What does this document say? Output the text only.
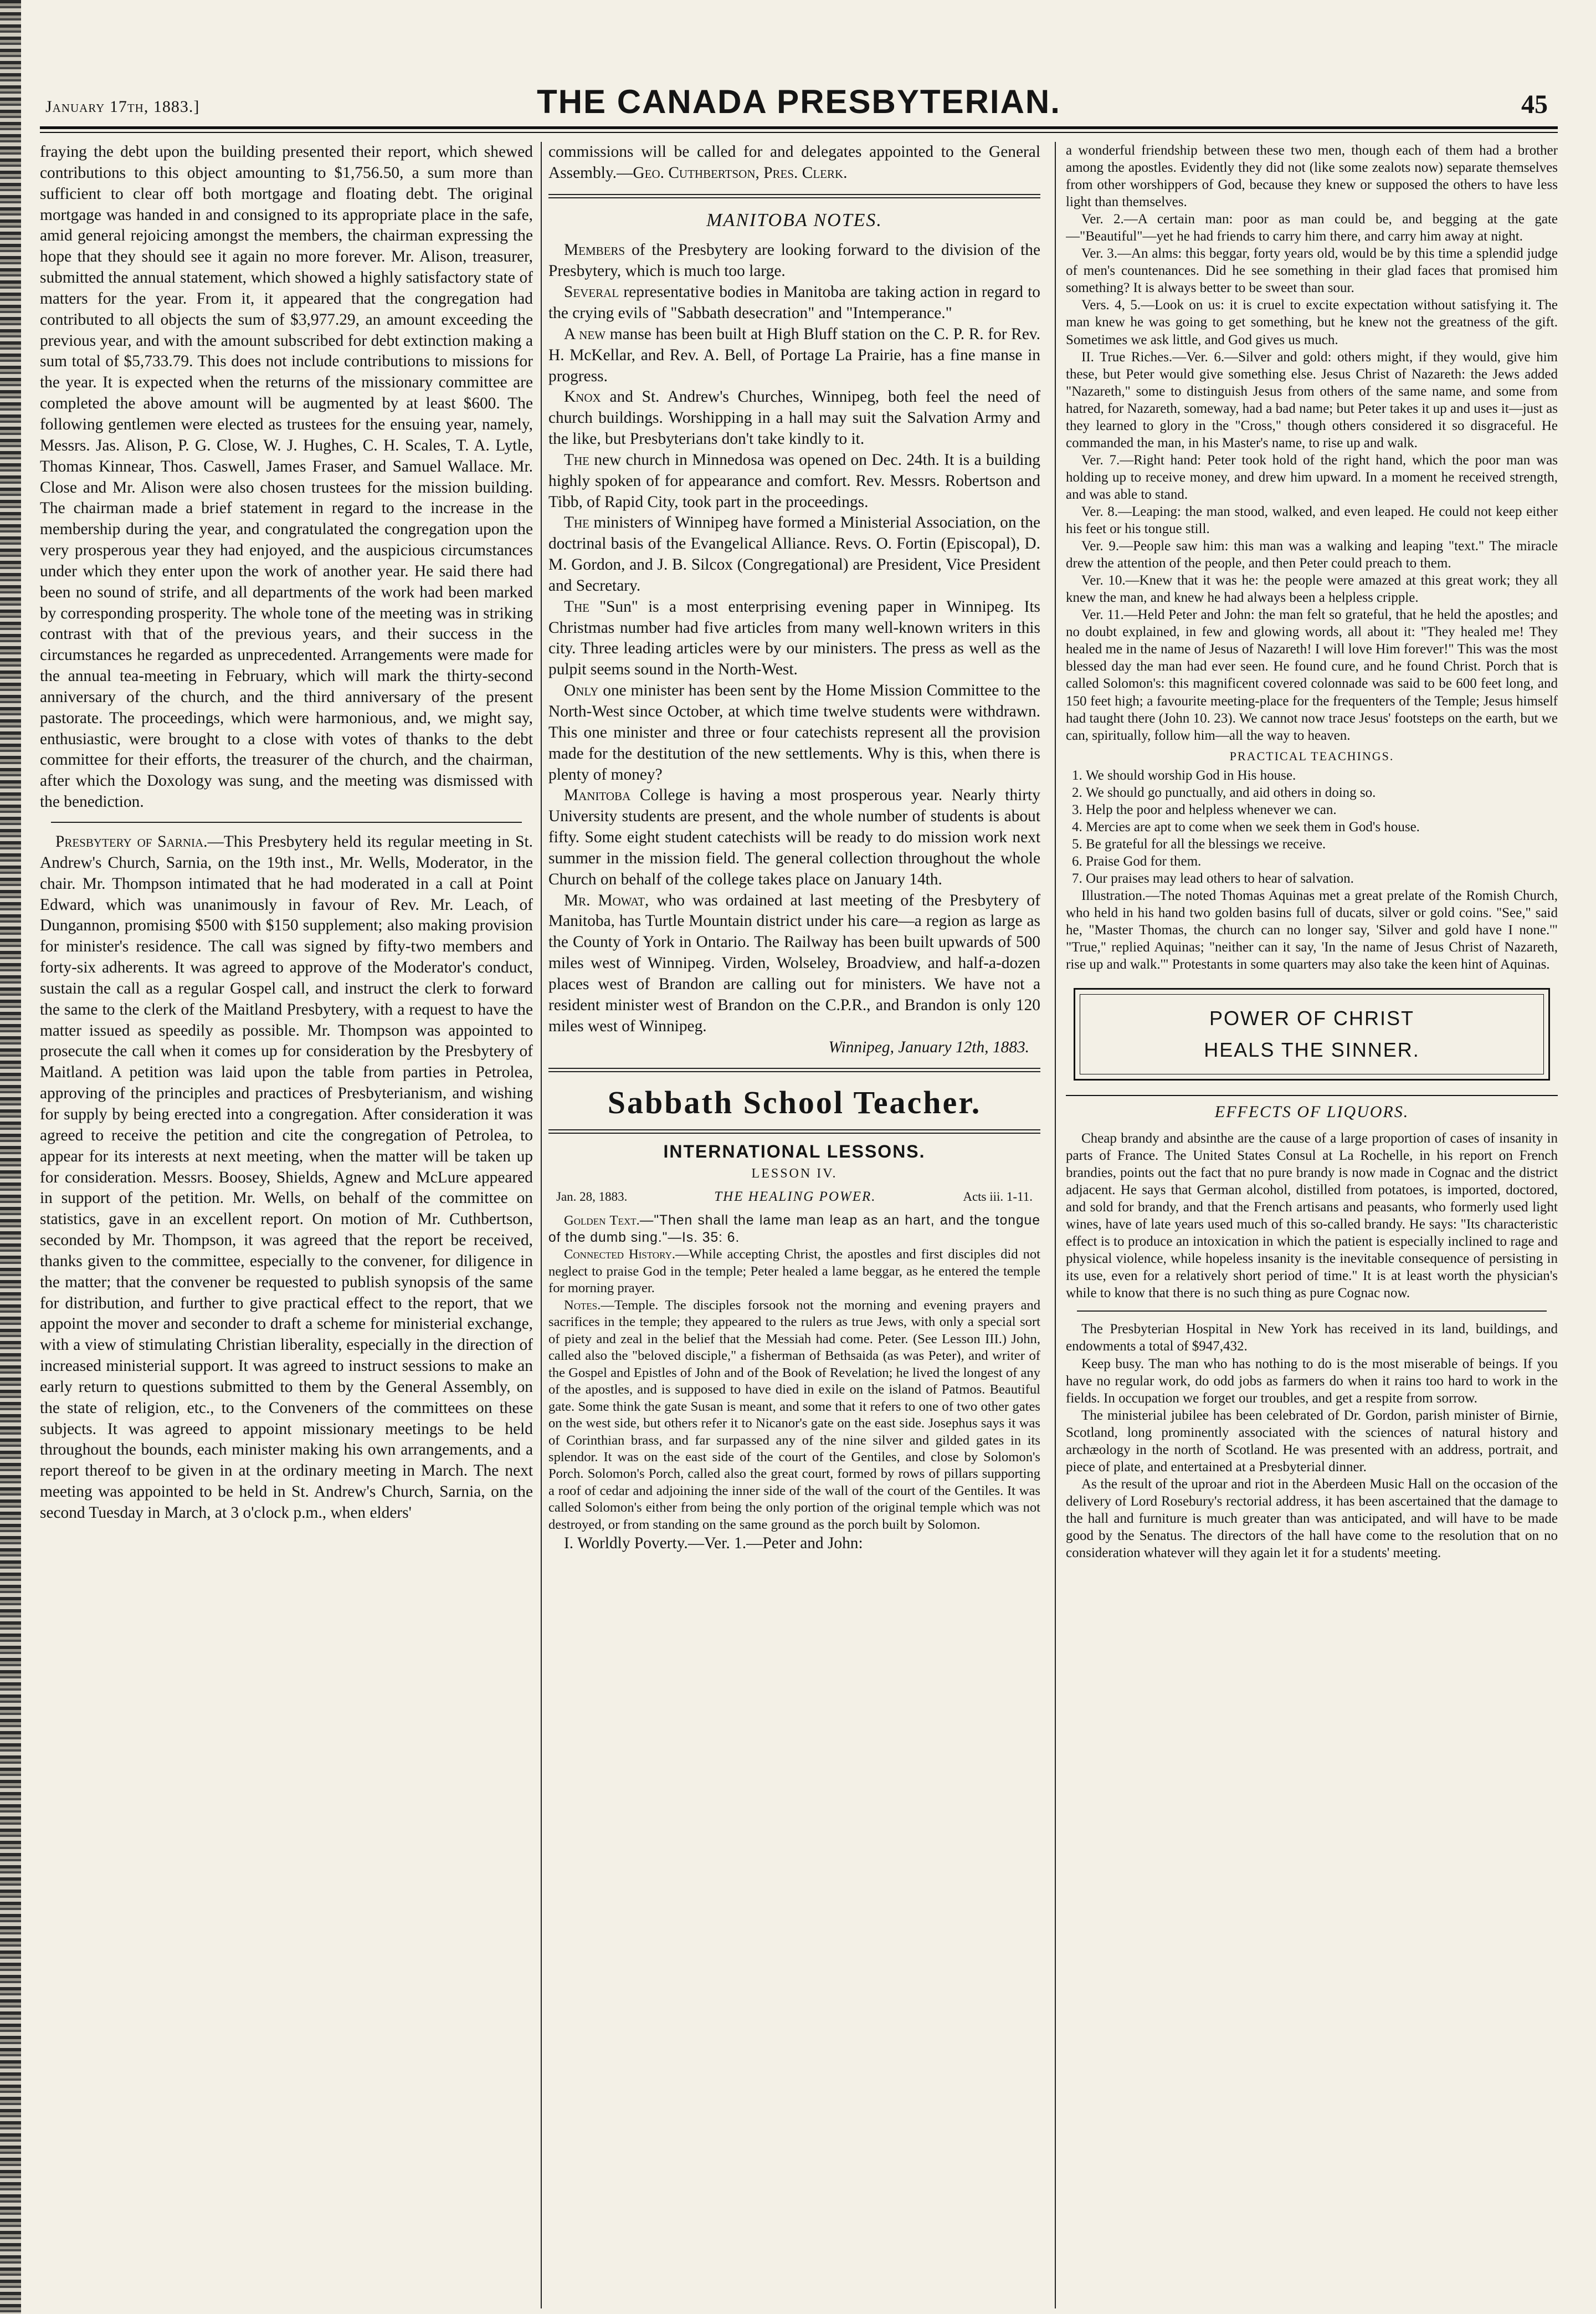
January 17th, 1883.]	THE CANADA PRESBYTERIAN.	45

fraying the debt upon the building presented their report, which shewed contributions to this object amounting to $1,756.50, a sum more than sufficient to clear off both mortgage and floating debt. The original mortgage was handed in and consigned to its appropriate place in the safe, amid general rejoicing amongst the members, the chairman expressing the hope that they should see it again no more forever. Mr. Alison, treasurer, submitted the annual statement, which showed a highly satisfactory state of matters for the year. From it, it appeared that the congregation had contributed to all objects the sum of $3,977.29, an amount exceeding the previous year, and with the amount subscribed for debt extinction making a sum total of $5,733.79. This does not include contributions to missions for the year. It is expected when the returns of the missionary committee are completed the above amount will be augmented by at least $600. The following gentlemen were elected as trustees for the ensuing year, namely, Messrs. Jas. Alison, P. G. Close, W. J. Hughes, C. H. Scales, T. A. Lytle, Thomas Kinnear, Thos. Caswell, James Fraser, and Samuel Wallace. Mr. Close and Mr. Alison were also chosen trustees for the mission building. The chairman made a brief statement in regard to the increase in the membership during the year, and congratulated the congregation upon the very prosperous year they had enjoyed, and the auspicious circumstances under which they enter upon the work of another year. He said there had been no sound of strife, and all departments of the work had been marked by corresponding prosperity. The whole tone of the meeting was in striking contrast with that of the previous years, and their success in the circumstances he regarded as unprecedented. Arrangements were made for the annual tea-meeting in February, which will mark the thirty-second anniversary of the church, and the third anniversary of the present pastorate. The proceedings, which were harmonious, and, we might say, enthusiastic, were brought to a close with votes of thanks to the debt committee for their efforts, the treasurer of the church, and the chairman, after which the Doxology was sung, and the meeting was dismissed with the benediction.

Presbytery of Sarnia.—This Presbytery held its regular meeting in St. Andrew's Church, Sarnia, on the 19th inst., Mr. Wells, Moderator, in the chair. Mr. Thompson intimated that he had moderated in a call at Point Edward, which was unanimously in favour of Rev. Mr. Leach, of Dungannon, promising $500 with $150 supplement; also making provision for minister's residence. The call was signed by fifty-two members and forty-six adherents. It was agreed to approve of the Moderator's conduct, sustain the call as a regular Gospel call, and instruct the clerk to forward the same to the clerk of the Maitland Presbytery, with a request to have the matter issued as speedily as possible. Mr. Thompson was appointed to prosecute the call when it comes up for consideration by the Presbytery of Maitland. A petition was laid upon the table from parties in Petrolea, approving of the principles and practices of Presbyterianism, and wishing for supply by being erected into a congregation. After consideration it was agreed to receive the petition and cite the congregation of Petrolea, to appear for its interests at next meeting, when the matter will be taken up for consideration. Messrs. Boosey, Shields, Agnew and McLure appeared in support of the petition. Mr. Wells, on behalf of the committee on statistics, gave in an excellent report. On motion of Mr. Cuthbertson, seconded by Mr. Thompson, it was agreed that the report be received, thanks given to the committee, especially to the convener, for diligence in the matter; that the convener be requested to publish synopsis of the same for distribution, and further to give practical effect to the report, that we appoint the mover and seconder to draft a scheme for ministerial exchange, with a view of stimulating Christian liberality, especially in the direction of increased ministerial support. It was agreed to instruct sessions to make an early return to questions submitted to them by the General Assembly, on the state of religion, etc., to the Conveners of the committees on these subjects. It was agreed to appoint missionary meetings to be held throughout the bounds, each minister making his own arrangements, and a report thereof to be given in at the ordinary meeting in March. The next meeting was appointed to be held in St. Andrew's Church, Sarnia, on the second Tuesday in March, at 3 o'clock p.m., when elders'

commissions will be called for and delegates appointed to the General Assembly.—Geo. Cuthbertson, Pres. Clerk.

MANITOBA NOTES.

Members of the Presbytery are looking forward to the division of the Presbytery, which is much too large.

Several representative bodies in Manitoba are taking action in regard to the crying evils of "Sabbath desecration" and "Intemperance."

A new manse has been built at High Bluff station on the C. P. R. for Rev. H. McKellar, and Rev. A. Bell, of Portage La Prairie, has a fine manse in progress.

Knox and St. Andrew's Churches, Winnipeg, both feel the need of church buildings. Worshipping in a hall may suit the Salvation Army and the like, but Presbyterians don't take kindly to it.

The new church in Minnedosa was opened on Dec. 24th. It is a building highly spoken of for appearance and comfort. Rev. Messrs. Robertson and Tibb, of Rapid City, took part in the proceedings.

The ministers of Winnipeg have formed a Ministerial Association, on the doctrinal basis of the Evangelical Alliance. Revs. O. Fortin (Episcopal), D. M. Gordon, and J. B. Silcox (Congregational) are President, Vice President and Secretary.

The "Sun" is a most enterprising evening paper in Winnipeg. Its Christmas number had five articles from many well-known writers in this city. Three leading articles were by our ministers. The press as well as the pulpit seems sound in the North-West.

Only one minister has been sent by the Home Mission Committee to the North-West since October, at which time twelve students were withdrawn. This one minister and three or four catechists represent all the provision made for the destitution of the new settlements. Why is this, when there is plenty of money?

Manitoba College is having a most prosperous year. Nearly thirty University students are present, and the whole number of students is about fifty. Some eight student catechists will be ready to do mission work next summer in the mission field. The general collection throughout the whole Church on behalf of the college takes place on January 14th.

Mr. Mowat, who was ordained at last meeting of the Presbytery of Manitoba, has Turtle Mountain district under his care—a region as large as the County of York in Ontario. The Railway has been built upwards of 500 miles west of Winnipeg. Virden, Wolseley, Broadview, and half-a-dozen places west of Brandon are calling out for ministers. We have not a resident minister west of Brandon on the C.P.R., and Brandon is only 120 miles west of Winnipeg.

Winnipeg, January 12th, 1883.

Sabbath School Teacher.
INTERNATIONAL LESSONS.
LESSON IV.
Jan. 28, 1883.	THE HEALING POWER.	Acts iii. 1-11.

Golden Text.—"Then shall the lame man leap as an hart, and the tongue of the dumb sing."—Is. 35: 6.

Connected History.—While accepting Christ, the apostles and first disciples did not neglect to praise God in the temple; Peter healed a lame beggar, as he entered the temple for morning prayer.

Notes.—Temple. The disciples forsook not the morning and evening prayers and sacrifices in the temple; they appeared to the rulers as true Jews, with only a special sort of piety and zeal in the belief that the Messiah had come. Peter. (See Lesson III.) John, called also the "beloved disciple," a fisherman of Bethsaida (as was Peter), and writer of the Gospel and Epistles of John and of the Book of Revelation; he lived the longest of any of the apostles, and is supposed to have died in exile on the island of Patmos. Beautiful gate. Some think the gate Susan is meant, and some that it refers to one of two other gates on the west side, but others refer it to Nicanor's gate on the east side. Josephus says it was of Corinthian brass, and far surpassed any of the nine silver and gilded gates in its splendor. It was on the east side of the court of the Gentiles, and close by Solomon's Porch. Solomon's Porch, called also the great court, formed by rows of pillars supporting a roof of cedar and adjoining the inner side of the wall of the court of the Gentiles. It was called Solomon's either from being the only portion of the original temple which was not destroyed, or from standing on the same ground as the porch built by Solomon.

I. Worldly Poverty.—Ver. 1.—Peter and John:

a wonderful friendship between these two men, though each of them had a brother among the apostles. Evidently they did not (like some zealots now) separate themselves from other worshippers of God, because they knew or supposed the others to have less light than themselves.

Ver. 2.—A certain man: poor as man could be, and begging at the gate—"Beautiful"—yet he had friends to carry him there, and carry him away at night.

Ver. 3.—An alms: this beggar, forty years old, would be by this time a splendid judge of men's countenances. Did he see something in their glad faces that promised him something? It is always better to be sweet than sour.

Vers. 4, 5.—Look on us: it is cruel to excite expectation without satisfying it. The man knew he was going to get something, but he knew not the greatness of the gift. Sometimes we ask little, and God gives us much.

II. True Riches.—Ver. 6.—Silver and gold: others might, if they would, give him these, but Peter would give something else. Jesus Christ of Nazareth: the Jews added "Nazareth," some to distinguish Jesus from others of the same name, and some from hatred, for Nazareth, someway, had a bad name; but Peter takes it up and uses it—just as they learned to glory in the "Cross," though others considered it so disgraceful. He commanded the man, in his Master's name, to rise up and walk.

Ver. 7.—Right hand: Peter took hold of the right hand, which the poor man was holding up to receive money, and drew him upward. In a moment he received strength, and was able to stand.

Ver. 8.—Leaping: the man stood, walked, and even leaped. He could not keep either his feet or his tongue still.

Ver. 9.—People saw him: this man was a walking and leaping "text." The miracle drew the attention of the people, and then Peter could preach to them.

Ver. 10.—Knew that it was he: the people were amazed at this great work; they all knew the man, and knew he had always been a helpless cripple.

Ver. 11.—Held Peter and John: the man felt so grateful, that he held the apostles; and no doubt explained, in few and glowing words, all about it: "They healed me! They healed me in the name of Jesus of Nazareth! I will love Him forever!" This was the most blessed day the man had ever seen. He found cure, and he found Christ. Porch that is called Solomon's: this magnificent covered colonnade was said to be 600 feet long, and 150 feet high; a favourite meeting-place for the frequenters of the Temple; Jesus himself had taught there (John 10. 23). We cannot now trace Jesus' footsteps on the earth, but we can, spiritually, follow him—all the way to heaven.

PRACTICAL TEACHINGS.
1. We should worship God in His house.
2. We should go punctually, and aid others in doing so.
3. Help the poor and helpless whenever we can.
4. Mercies are apt to come when we seek them in God's house.
5. Be grateful for all the blessings we receive.
6. Praise God for them.
7. Our praises may lead others to hear of salvation.

Illustration.—The noted Thomas Aquinas met a great prelate of the Romish Church, who held in his hand two golden basins full of ducats, silver or gold coins. "See," said he, "Master Thomas, the church can no longer say, 'Silver and gold have I none.'" "True," replied Aquinas; "neither can it say, 'In the name of Jesus Christ of Nazareth, rise up and walk.'" Protestants in some quarters may also take the keen hint of Aquinas.

POWER OF CHRIST
HEALS THE SINNER.
EFFECTS OF LIQUORS.

Cheap brandy and absinthe are the cause of a large proportion of cases of insanity in parts of France. The United States Consul at La Rochelle, in his report on French brandies, points out the fact that no pure brandy is now made in Cognac and the district adjacent. He says that German alcohol, distilled from potatoes, is imported, doctored, and sold for brandy, and that the French artisans and peasants, who formerly used light wines, have of late years used much of this so-called brandy. He says: "Its characteristic effect is to produce an intoxication in which the patient is especially inclined to rage and physical violence, while hopeless insanity is the inevitable consequence of persisting in its use, even for a relatively short period of time." It is at least worth the physician's while to know that there is no such thing as pure Cognac now.

The Presbyterian Hospital in New York has received in its land, buildings, and endowments a total of $947,432.

Keep busy. The man who has nothing to do is the most miserable of beings. If you have no regular work, do odd jobs as farmers do when it rains too hard to work in the fields. In occupation we forget our troubles, and get a respite from sorrow.

The ministerial jubilee has been celebrated of Dr. Gordon, parish minister of Birnie, Scotland, long prominently associated with the sciences of natural history and archæology in the north of Scotland. He was presented with an address, portrait, and piece of plate, and entertained at a Presbyterial dinner.

As the result of the uproar and riot in the Aberdeen Music Hall on the occasion of the delivery of Lord Rosebury's rectorial address, it has been ascertained that the damage to the hall and furniture is much greater than was anticipated, and will have to be made good by the Senatus. The directors of the hall have come to the resolution that on no consideration whatever will they again let it for a students' meeting.
